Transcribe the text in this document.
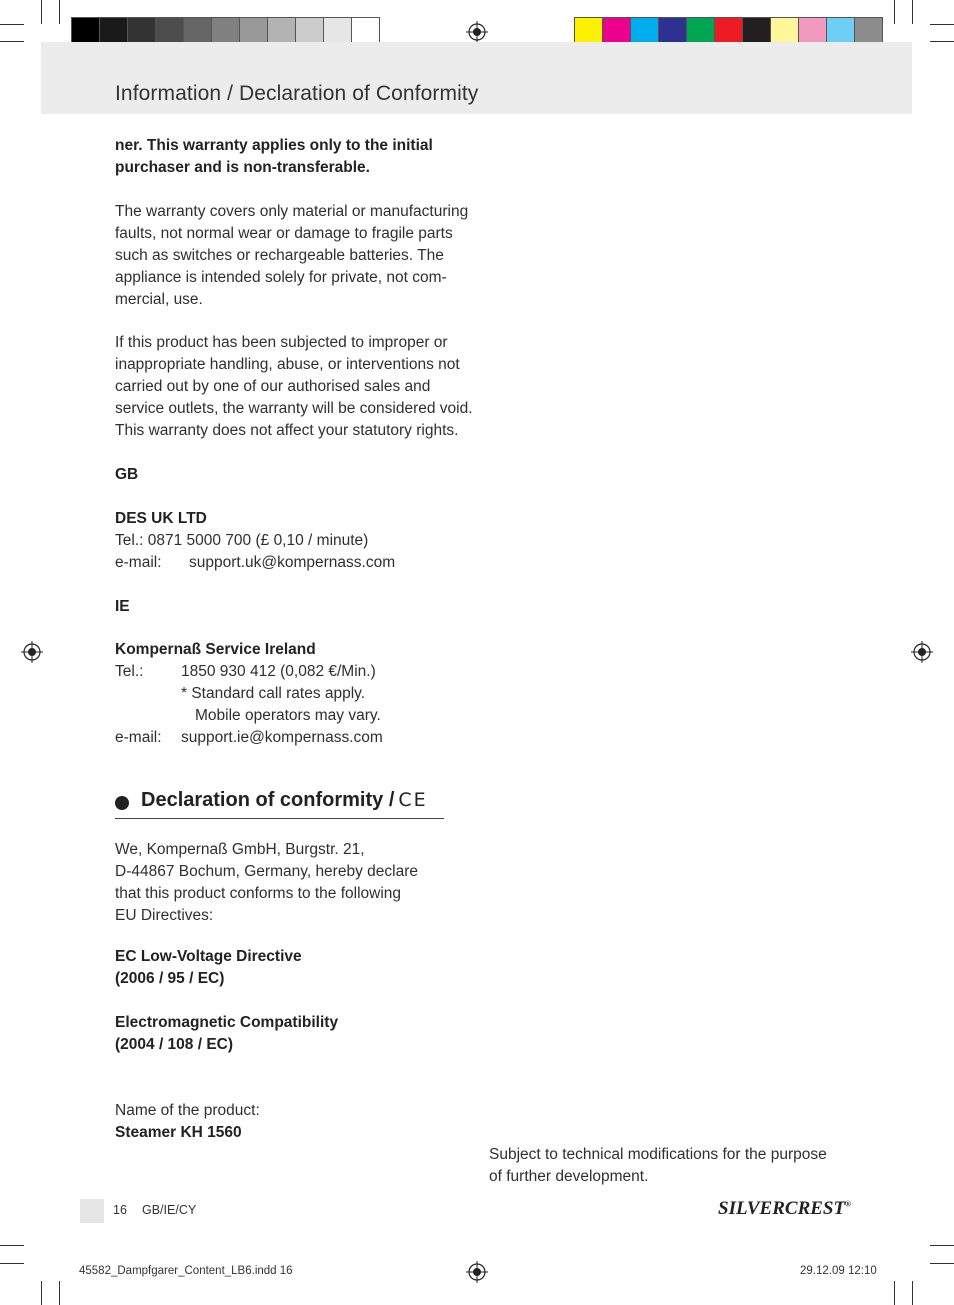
Information / Declaration of Conformity
ner. This warranty applies only to the initial purchaser and is non-transferable.
The warranty covers only material or manufacturing
faults, not normal wear or damage to fragile parts
such as switches or rechargeable batteries. The
appliance is intended solely for private, not com-
mercial, use.
If this product has been subjected to improper or
inappropriate handling, abuse, or interventions not
carried out by one of our authorised sales and
service outlets, the warranty will be considered void.
This warranty does not affect your statutory rights.
GB
DES UK LTD
Tel.: 0871 5000 700 (£ 0,10 / minute)
e-mail:	support.uk@kompernass.com
IE
Kompernaß Service Ireland
Tel.:	1850 930 412 (0,082 €/Min.)
* Standard call rates apply.
Mobile operators may vary.
e-mail:	support.ie@kompernass.com
Declaration of conformity / CE
We, Kompernaß GmbH, Burgstr. 21,
D-44867 Bochum, Germany, hereby declare
that this product conforms to the following
EU Directives:
EC Low-Voltage Directive
(2006 / 95 / EC)
Electromagnetic Compatibility
(2004 / 108 / EC)
Name of the product:
Steamer KH 1560
Subject to technical modifications for the purpose
of further development.
16 GB/IE/CY	SILVERCREST®
45582_Dampfgarer_Content_LB6.indd 16	29.12.09 12:10
